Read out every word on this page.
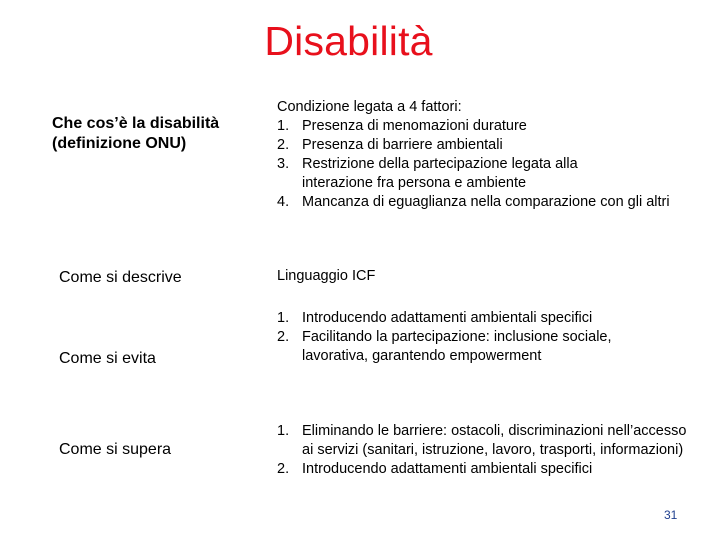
Disabilità
Che cos’è la disabilità
(definizione ONU)
Condizione legata a 4 fattori:
1. Presenza di menomazioni durature
2. Presenza di barriere ambientali
3. Restrizione della partecipazione legata alla interazione fra persona e ambiente
4. Mancanza di eguaglianza nella comparazione con gli altri
Come si descrive	Linguaggio ICF
Come si evita
1. Introducendo adattamenti ambientali specifici
2. Facilitando la partecipazione: inclusione sociale, lavorativa, garantendo empowerment
Come si supera
1. Eliminando le barriere: ostacoli, discriminazioni nell’accesso ai servizi (sanitari, istruzione, lavoro, trasporti, informazioni)
2. Introducendo adattamenti ambientali specifici
31
